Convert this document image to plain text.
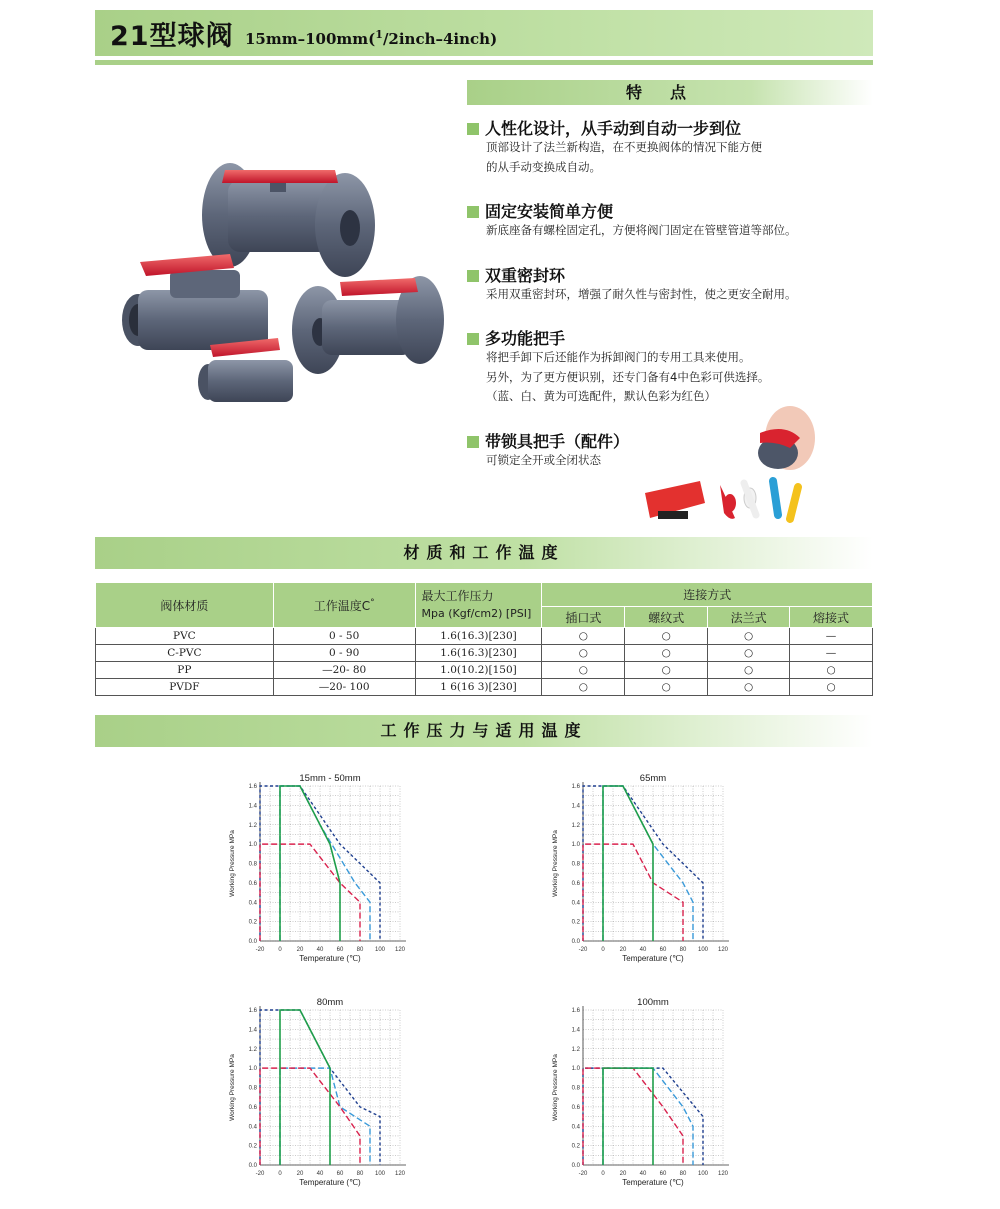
21型球阀 15mm–100mm($^1$/2inch–4inch)
特点
人性化设计，从手动到自动一步到位
顶部设计了法兰新构造，在不更换阀体的情况下能方便
的从手动变换成自动。
固定安装简单方便
新底座备有螺栓固定孔，方便将阀门固定在管壁管道等部位。
双重密封环
采用双重密封环，增强了耐久性与密封性，使之更安全耐用。
多功能把手
将把手卸下后还能作为拆卸阀门的专用工具来使用。
另外，为了更方便识别，还专门备有4中色彩可供选择。
（蓝、白、黄为可选配件，默认色彩为红色）
带锁具把手（配件）
可锁定全开或全闭状态
材质和工作温度
阀体材质	工作温度C°	最大工作压力
Mpa (Kgf/cm2) [PSI]	连接方式			
			插口式	螺纹式	法兰式	熔接式
PVC	0 - 50	1.6(16.3)[230]	○	○	○	—
C-PVC	0 - 90	1.6(16.3)[230]	○	○	○	—
PP	—20- 80	1.0(10.2)[150]	○	○	○	○
PVDF	—20- 100	1 6(16 3)[230]	○	○	○	○
工作压力与适用温度
15mm - 50mm
-20 0 20 40 60 80 100 120
0.0
0.2
0.4
0.6
0.8
1.0
1.2
1.4
1.6
Temperature (℃)
Working Pressure MPa
65mm
-20 0 20 40 60 80 100 120
0.0
0.2
0.4
0.6
0.8
1.0
1.2
1.4
1.6
Temperature (℃)
Working Pressure MPa
80mm
-20 0 20 40 60 80 100 120
0.0
0.2
0.4
0.6
0.8
1.0
1.2
1.4
1.6
Temperature (℃)
Working Pressure MPa
100mm
-20 0 20 40 60 80 100 120
0.0
0.2
0.4
0.6
0.8
1.0
1.2
1.4
1.6
Temperature (℃)
Working Pressure MPa
